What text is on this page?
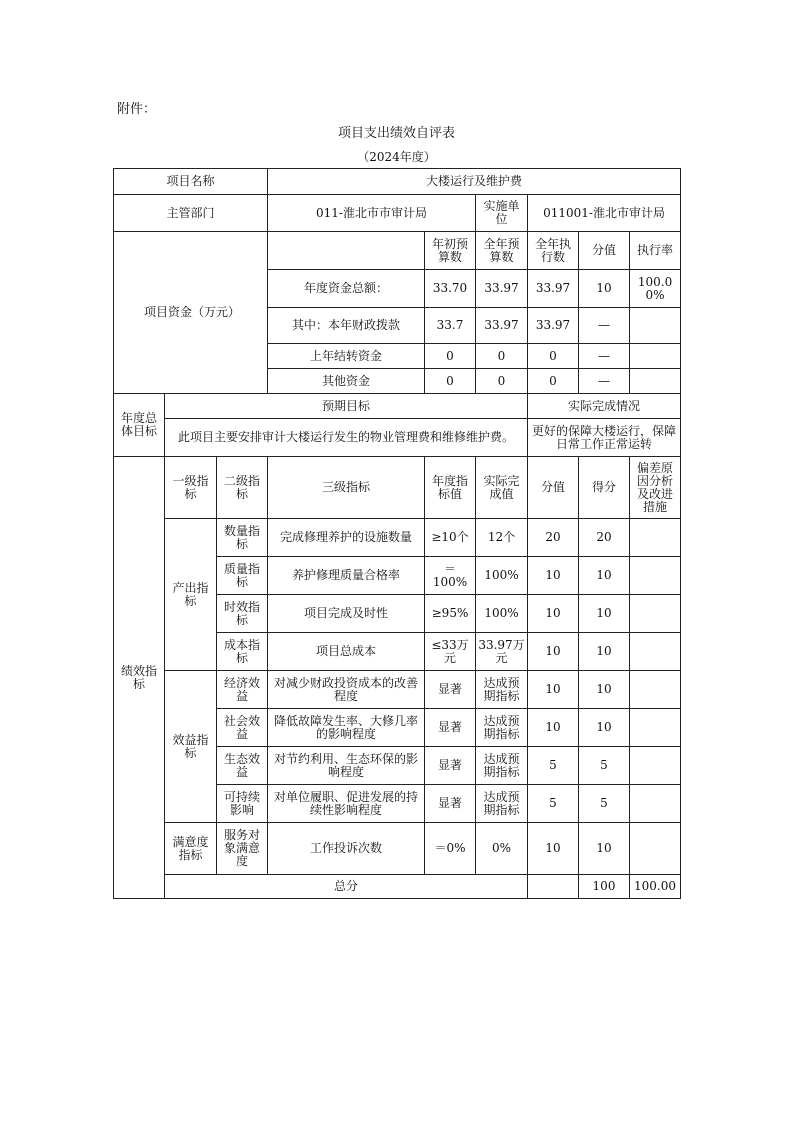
附件：
项目支出绩效自评表
（2024年度）
项目名称			大楼运行及维护费						
主管部门			011-淮北市市审计局		实施单位	011001-淮北市审计局			
项目资金（万元）				年初预算数	全年预算数	全年执行数	分值	执行率	
			年度资金总额：	33.70	33.97	33.97	10	100.00%	
			其中：本年财政拨款	33.7	33.97	33.97	—		
			上年结转资金	0	0	0	—		
			其他资金	0	0	0	—		
年度总体目标	预期目标					实际完成情况			
	此项目主要安排审计大楼运行发生的物业管理费和维修维护费。					更好的保障大楼运行，保障日常工作正常运转			
绩效指标	一级指标	二级指标	三级指标	年度指标值	实际完成值	分值	得分	偏差原因分析及改进措施	
	产出指标	数量指标	完成修理养护的设施数量	≥10个	12个	20	20		
		质量指标	养护修理质量合格率	＝100%	100%	10	10		
		时效指标	项目完成及时性	≥95%	100%	10	10		
		成本指标	项目总成本	≤33万元	33.97万元	10	10		
	效益指标	经济效益	对减少财政投资成本的改善程度	显著	达成预期指标	10	10		
		社会效益	降低故障发生率、大修几率的影响程度	显著	达成预期指标	10	10		
		生态效益	对节约利用、生态环保的影响程度	显著	达成预期指标	5	5		
		可持续影响	对单位履职、促进发展的持续性影响程度	显著	达成预期指标	5	5		
	满意度指标	服务对象满意度	工作投诉次数	＝0%	0%	10	10		
	总分						100	100.00	
